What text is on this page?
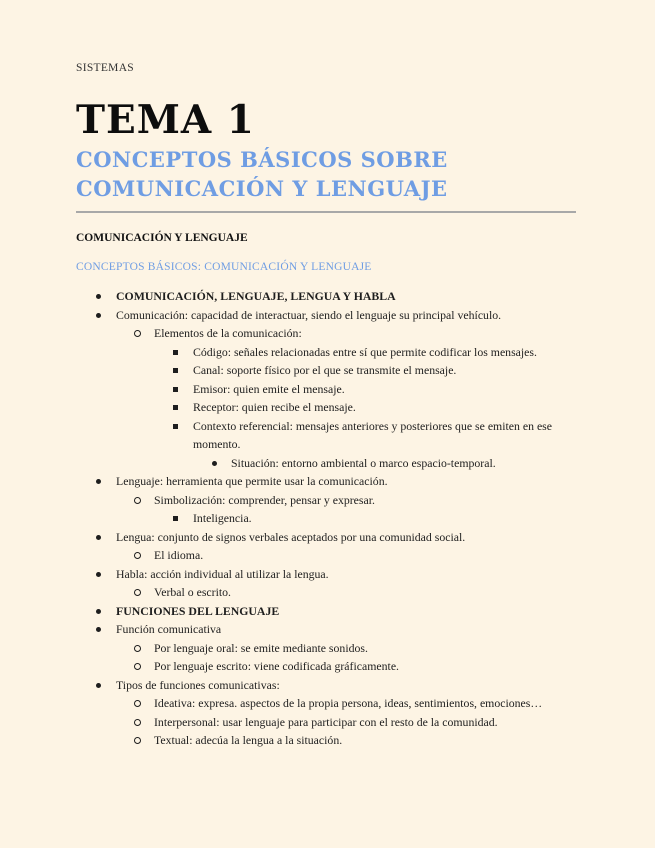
SISTEMAS
TEMA 1
CONCEPTOS BÁSICOS SOBRE COMUNICACIÓN Y LENGUAJE
COMUNICACIÓN Y LENGUAJE
CONCEPTOS BÁSICOS: COMUNICACIÓN Y LENGUAJE
COMUNICACIÓN, LENGUAJE, LENGUA Y HABLA
Comunicación: capacidad de interactuar, siendo el lenguaje su principal vehículo.
Elementos de la comunicación:
Código: señales relacionadas entre sí que permite codificar los mensajes.
Canal: soporte físico por el que se transmite el mensaje.
Emisor: quien emite el mensaje.
Receptor: quien recibe el mensaje.
Contexto referencial: mensajes anteriores y posteriores que se emiten en ese momento.
Situación: entorno ambiental o marco espacio-temporal.
Lenguaje: herramienta que permite usar la comunicación.
Simbolización: comprender, pensar y expresar.
Inteligencia.
Lengua: conjunto de signos verbales aceptados por una comunidad social.
El idioma.
Habla: acción individual al utilizar la lengua.
Verbal o escrito.
FUNCIONES DEL LENGUAJE
Función comunicativa
Por lenguaje oral: se emite mediante sonidos.
Por lenguaje escrito: viene codificada gráficamente.
Tipos de funciones comunicativas:
Ideativa: expresa. aspectos de la propia persona, ideas, sentimientos, emociones…
Interpersonal: usar lenguaje para participar con el resto de la comunidad.
Textual: adecúa la lengua a la situación.
